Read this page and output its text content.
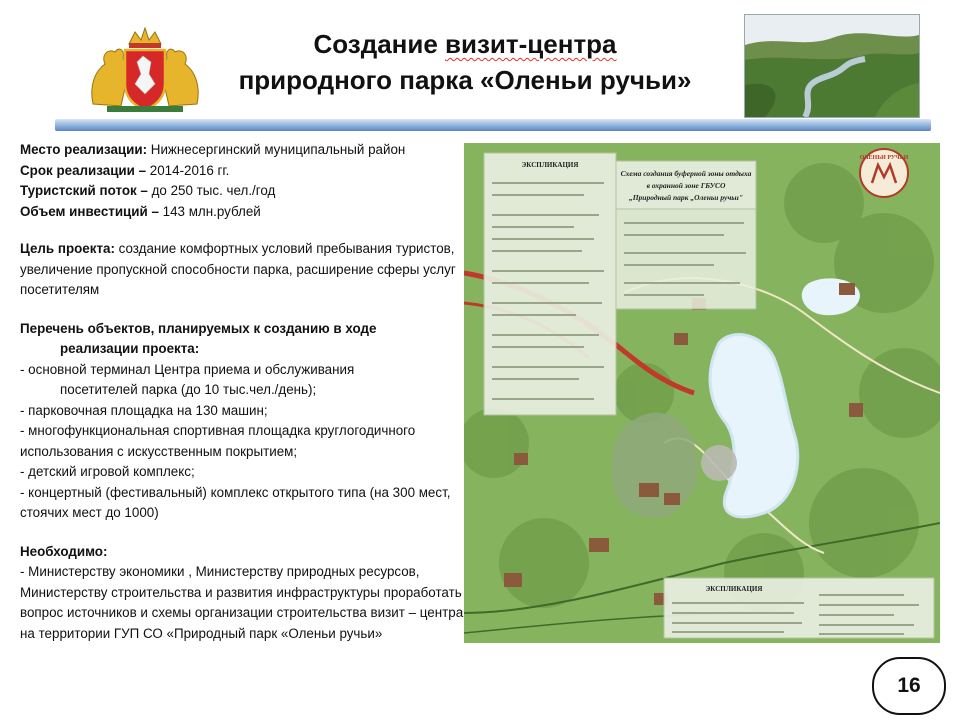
Создание визит-центра
природного парка «Оленьи ручьи»

Место реализации: Нижнесергинский муниципальный район

Срок реализации – 2014-2016 гг.

Туристский поток – до 250 тыс. чел./год

Объем инвестиций – 143 млн.рублей

Цель проекта: создание комфортных условий пребывания туристов,

увеличение пропускной способности парка, расширение сферы услуг посетителям

Перечень объектов, планируемых к созданию в ходе

реализации проекта:

- основной терминал Центра приема и обслуживания

посетителей парка (до 10 тыс.чел./день);

- парковочная площадка на 130 машин;

- многофункциональная спортивная площадка круглогодичного использования с искусственным покрытием;

- детский игровой комплекс;

- концертный (фестивальный) комплекс открытого типа (на 300 мест, стоячих мест до 1000)

Необходимо:

- Министерству экономики , Министерству природных ресурсов, Министерству строительства и развития инфраструктуры проработать вопрос источников и схемы организации строительства визит – центра на территории ГУП СО «Природный парк «Оленьи ручьи»

ЭКСПЛИКАЦИЯ
Схема создания буферной зоны отдыха
в охранной зоне ГБУСО
„Природный парк „Оленьи ручьи"
ОЛЕНЬИ РУЧЬИ
ЭКСПЛИКАЦИЯ
16
